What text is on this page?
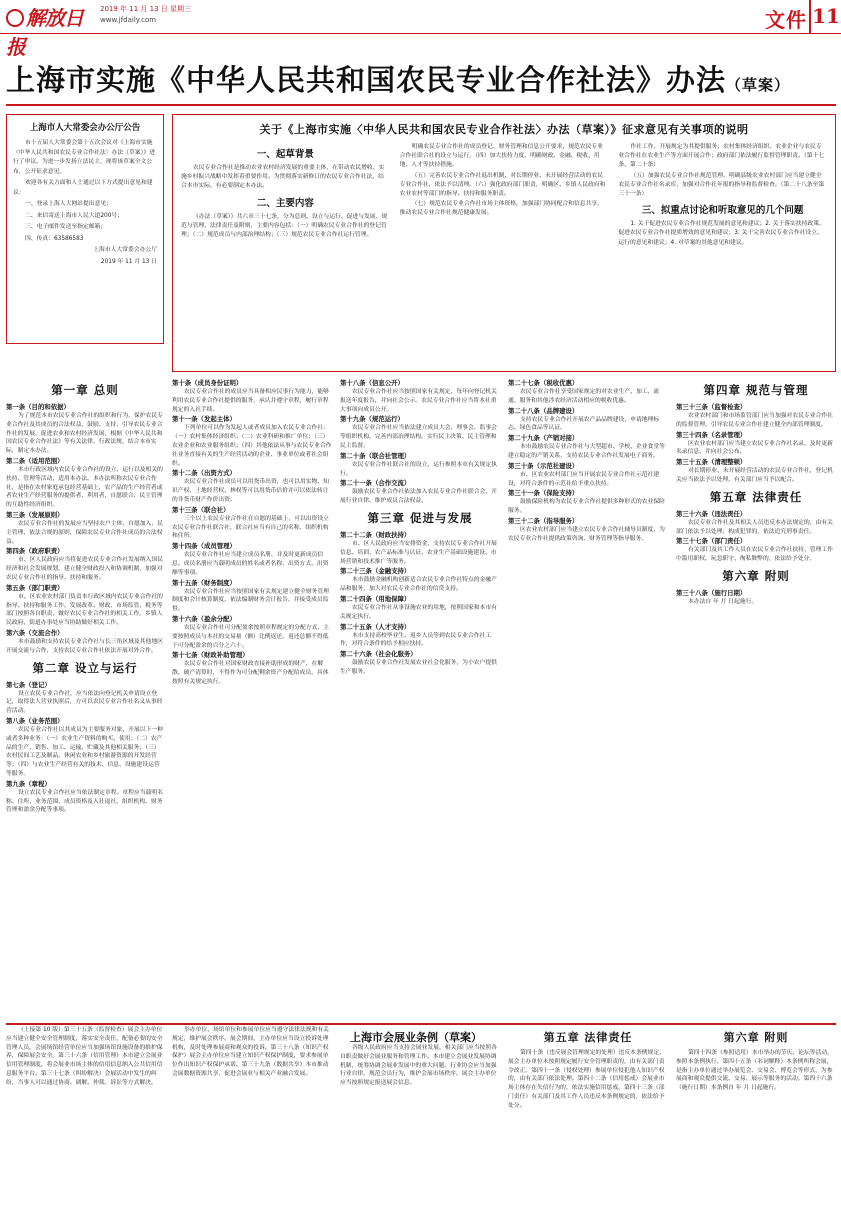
解放日报
2019 年 11 月 13 日 星期三
www.jfdaily.com	文件 11
上海市实施《中华人民共和国农民专业合作社法》办法（草案）
上海市人大常委会办公厅公告

市十五届人大常委会第十五次会议对《上海市实施〈中华人民共和国农民专业合作社法〉办法（草案）》进行了审议。为进一步发扬立法民主，现将该草案全文公布，公开征求意见。

欢迎各有关方面和人士通过以下方式提出意见和建议：

一、登录上海人大网站提出意见；

二、来信寄送上海市人民大道200号；

三、电子邮件发送至指定邮箱；

四、传真：63586583

上海市人大常委会办公厅

2019 年 11 月 13 日

关于《上海市实施〈中华人民共和国农民专业合作社法〉办法（草案）》征求意见有关事项的说明
一、起草背景

农民专业合作社是推动农业农村经济发展的重要主体，在带动农民增收、实施乡村振兴战略中发挥着重要作用。为贯彻落实新修订的农民专业合作社法，结合本市实际，有必要制定本办法。

二、主要内容

《办法（草案）》共六章三十七条，分为总则、设立与运行、促进与发展、规范与管理、法律责任及附则，主要内容包括：（一）明确农民专业合作社的登记管理；（二）规范成员与内部治理结构；（三）规范农民专业合作社运行管理。

明确农民专业合作社的成员登记、财务管理和信息公开要求，规范农民专业合作社联合社的设立与运行。（四）加大扶持力度，明确财政、金融、税收、用地、人才等扶持措施。

（五）完善农民专业合作社退出机制，对长期停业、未开展经营活动的农民专业合作社，依法予以清理。（六）强化政府部门职责，明确区、乡镇人民政府和农业农村等部门的指导、扶持和服务职责。

（七）规范农民专业合作社市场主体资格，加强部门协同配合和信息共享，推动农民专业合作社规范健康发展。

作社工作，开展规定为其提供服务；农村集体经济组织、农业企业与农民专业合作社在农业生产等方面开展合作；政府部门依法履行监督管理职责。（第十七条、第二十条）

（五）加强农民专业合作社规范管理。明确县级农业农村部门应当建立健全农民专业合作社名录库，加强对合作社年报的指导和监督检查。（第二十八条至第三十一条）

三、拟重点讨论和听取意见的几个问题

1. 关于促进农民专业合作社规范发展的意见和建议；2. 关于落实扶持政策、促进农民专业合作社提质增效的意见和建议；3. 关于完善农民专业合作社设立、运行的意见和建议；4. 对草案的其他意见和建议。

第一章 总则
第一条（目的和依据）

为了规范本市农民专业合作社的组织和行为，保护农民专业合作社及其成员的合法权益，鼓励、支持、引导农民专业合作社的发展，促进农业和农村经济发展，根据《中华人民共和国农民专业合作社法》等有关法律、行政法规，结合本市实际，制定本办法。

第二条（适用范围）

本市行政区域内农民专业合作社的设立、运行以及相关的扶持、管理等活动，适用本办法。本办法所称农民专业合作社，是指在农村家庭承包经营基础上，农产品的生产经营者或者农业生产经营服务的提供者、利用者，自愿联合、民主管理的互助性经济组织。

第三条（发展原则）

农民专业合作社的发展应当坚持农户主体、自愿加入、民主管理、依法合规的原则，保障农民专业合作社成员的合法权益。

第四条（政府职责）

市、区人民政府应当将促进农民专业合作社发展纳入国民经济和社会发展规划，建立健全财政投入和协调机制，加强对农民专业合作社的指导、扶持和服务。

第五条（部门职责）

市、区农业农村部门负责本行政区域内农民专业合作社的指导、扶持和服务工作。发展改革、财政、市场监管、税务等部门按照各自职责，做好农民专业合作社的相关工作。乡镇人民政府、街道办事处应当协助做好相关工作。

第六条（交流合作）

本市鼓励和支持农民专业合作社与长三角区域及其他地区开展交流与合作，支持农民专业合作社依法开展对外合作。

第二章 设立与运行
第七条（登记）

设立农民专业合作社，应当依法向登记机关申请设立登记，取得法人营业执照后，方可以农民专业合作社名义从事经营活动。

第八条（业务范围）

农民专业合作社以其成员为主要服务对象，开展以下一种或者多种业务：（一）农业生产资料的购买、使用；（二）农产品的生产、销售、加工、运输、贮藏及其他相关服务；（三）农村民间工艺及制品、休闲农业和乡村旅游资源的开发经营等；（四）与农业生产经营有关的技术、信息、设施建设运营等服务。

第九条（章程）

设立农民专业合作社应当依法制定章程。章程应当载明名称、住所、业务范围、成员资格及入社退社、组织机构、财务管理和盈余分配等事项。

第十条（成员身份证明）

农民专业合作社的成员应当具备相应民事行为能力，能够利用农民专业合作社提供的服务，承认并遵守章程，履行章程规定的入社手续。

第十一条（发起主体）

下列单位可以作为发起人或者成员加入农民专业合作社：（一）农村集体经济组织；（二）农业科研和推广单位；（三）农业企业和农业服务组织；（四）其他依法从事与农民专业合作社业务直接有关的生产经营活动的企业、事业单位或者社会组织。

第十二条（出资方式）

农民专业合作社成员可以用货币出资，也可以用实物、知识产权、土地经营权、林权等可以用货币估价并可以依法转让的非货币财产作价出资。

第十三条（联合社）

三个以上农民专业合作社在自愿的基础上，可以出资设立农民专业合作社联合社，联合社应当有自己的名称、组织机构和住所。

第十四条（成员管理）

农民专业合作社应当建立成员名册，并及时更新成员信息。成员名册应当载明成员的姓名或者名称、出资方式、出资额等事项。

第十五条（财务制度）

农民专业合作社应当按照国家有关规定建立健全财务管理制度和会计核算制度，依法编制财务会计报告，并接受成员监督。

第十六条（盈余分配）

农民专业合作社可分配盈余按照章程规定的分配方式，主要按照成员与本社的交易量（额）比例返还，返还总额不得低于可分配盈余的百分之六十。

第十七条（财政补助管理）

农民专业合作社对国家财政直接补助形成的财产，在解散、破产清算时，不得作为可分配剩余资产分配给成员，具体按照有关规定执行。

第十八条（信息公开）

农民专业合作社应当按照国家有关规定，每年向登记机关报送年度报告，并向社会公示。农民专业合作社应当将本社重大事项向成员公开。

第十九条（规范运行）

农民专业合作社应当依法建立成员大会、理事会、监事会等组织机构，完善内部治理结构，实行民主决策、民主管理和民主监督。

第二十条（联合社管理）

农民专业合作社联合社的设立、运行参照本章有关规定执行。

第二十一条（合作交流）

鼓励农民专业合作社依法加入农民专业合作社联合会，开展行业自律、维护成员合法权益。

第三章 促进与发展
第二十二条（财政扶持）

市、区人民政府应当安排资金，支持农民专业合作社开展信息、培训、农产品标准与认证、农业生产基础设施建设、市场营销和技术推广等服务。

第二十三条（金融支持）

本市鼓励金融机构创新适合农民专业合作社特点的金融产品和服务，加大对农民专业合作社的信贷支持。

第二十四条（用地保障）

农民专业合作社从事设施农业的用地，按照国家和本市有关规定执行。

第二十五条（人才支持）

本市支持高校毕业生、返乡人员等到农民专业合作社工作，对符合条件的给予相应扶持。

第二十六条（社会化服务）

鼓励农民专业合作社发展农业社会化服务，为小农户提供生产服务。

第二十七条（税收优惠）

农民专业合作社享受国家规定的对农业生产、加工、流通、服务和其他涉农经济活动相应的税收优惠。

第二十八条（品牌建设）

支持农民专业合作社开展农产品品牌建设，申请地理标志、绿色食品等认证。

第二十九条（产销对接）

本市鼓励农民专业合作社与大型超市、学校、企业食堂等建立稳定的产销关系，支持农民专业合作社发展电子商务。

第三十条（示范社建设）

市、区农业农村部门应当开展农民专业合作社示范社建设，对符合条件的示范社给予重点扶持。

第三十一条（保险支持）

鼓励保险机构为农民专业合作社提供多种形式的农业保险服务。

第三十二条（指导服务）

区农业农村部门应当建立农民专业合作社辅导员制度，为农民专业合作社提供政策咨询、财务管理等指导服务。

第四章 规范与管理
第三十三条（监督检查）

农业农村部门和市场监管部门应当加强对农民专业合作社的监督管理，引导农民专业合作社建立健全内部管理制度。

第三十四条（名录管理）

区农业农村部门应当建立农民专业合作社名录，及时更新名录信息，并向社会公布。

第三十五条（清理整顿）

对长期停业、未开展经营活动的农民专业合作社，登记机关应当依法予以处理，有关部门应当予以配合。

第五章 法律责任
第三十六条（违法责任）

农民专业合作社及其相关人员违反本办法规定的，由有关部门依法予以处理；构成犯罪的，依法追究刑事责任。

第三十七条（部门责任）

有关部门及其工作人员在农民专业合作社扶持、管理工作中滥用职权、玩忽职守、徇私舞弊的，依法给予处分。

第六章 附则
第三十八条（施行日期）

本办法自 年 月 日起施行。

（上接第 10 版）第三十五条（监督检查）展会主办单位应当建立健全安全管理制度，落实安全责任，配备必要的安全管理人员。会展场馆经营单位应当加强场馆设施设备的维护保养，保障展会安全。第三十六条（信用管理）本市建立会展业信用管理制度，将会展业市场主体的信用信息纳入公共信用信息服务平台。第三十七条（纠纷解决）会展活动中发生的纠纷，当事人可以通过协商、调解、仲裁、诉讼等方式解决。

举办单位、场馆单位和参展单位应当遵守法律法规和有关规定，维护展会秩序。展会期间，主办单位应当设立投诉处理机构，及时处理参展商和观众的投诉。第三十八条（知识产权保护）展会主办单位应当建立知识产权保护制度，要求参展单位作出知识产权保护承诺。第三十九条（数据共享）本市推动会展数据资源共享，促进会展业与相关产业融合发展。

各级人民政府应当支持会展业发展，相关部门应当按照各自职责做好会展业服务和管理工作。本市建立会展业发展协调机制，统筹协调会展业发展中的重大问题。行业协会应当加强行业自律，规范会员行为，维护会展市场秩序。展会主办单位应当按照规定报送展会信息。

上海市会展业条例（草案）	第五章 法律责任

第四十条（违反展会管理规定的处理）违反本条例规定，展会主办单位未按照规定履行安全管理职责的，由有关部门责令改正。第四十一条（侵权处理）参展单位侵犯他人知识产权的，由有关部门依法处理。第四十二条（信用惩戒）会展业市场主体存在失信行为的，依法实施信用惩戒。第四十三条（部门责任）有关部门及其工作人员违反本条例规定的，依法给予处分。

第六章 附则

第四十四条（参照适用）本市举办的节庆、论坛等活动，参照本条例执行。第四十五条（名词解释）本条例所称会展，是指主办单位通过举办展览会、交易会、博览会等形式，为参展商和观众提供交流、交易、展示等服务的活动。第四十六条（施行日期）本条例自 年 月 日起施行。
